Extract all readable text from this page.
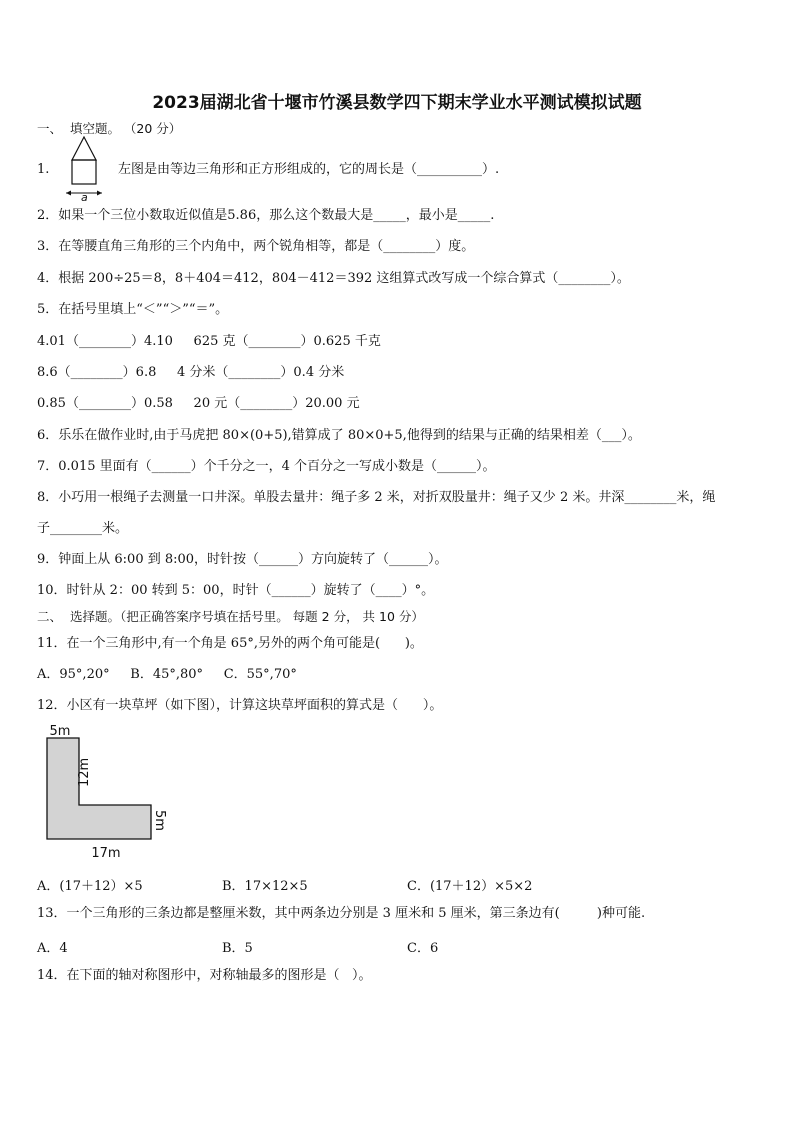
2023届湖北省十堰市竹溪县数学四下期末学业水平测试模拟试题
一、  填空题。 （20 分）
1.
a
左图是由等边三角形和正方形组成的，它的周长是（__________）.
2．如果一个三位小数取近似值是5.86，那么这个数最大是_____，最小是_____.
3．在等腰直角三角形的三个内角中，两个锐角相等，都是（________）度。
4．根据 200÷25＝8，8＋404＝412，804－412＝392 这组算式改写成一个综合算式（________）。
5．在括号里填上“＜”“＞”“＝”。
4.01（________）4.10     625 克（________）0.625 千克
8.6（________）6.8     4 分米（________）0.4 分米
0.85（________）0.58     20 元（________）20.00 元
6．乐乐在做作业时,由于马虎把 80×(0+5),错算成了 80×0+5,他得到的结果与正确的结果相差（___）。
7．0.015 里面有（______）个千分之一，4 个百分之一写成小数是（______）。
8．小巧用一根绳子去测量一口井深。单股去量井：绳子多 2 米，对折双股量井：绳子又少 2 米。井深________米，绳
子________米。
9．钟面上从 6:00 到 8:00，时针按（______）方向旋转了（______）。
10．时针从 2：00 转到 5：00，时针（______）旋转了（____）°。
二、  选择题。（把正确答案序号填在括号里。 每题 2 分， 共 10 分）
11．在一个三角形中,有一个角是 65°,另外的两个角可能是(      )。
A．95°,20°     B．45°,80°     C．55°,70°
12．小区有一块草坪（如下图），计算这块草坪面积的算式是（      ）。
5m
12m
5m
17m
A．(17＋12）×5	B．17×12×5	C．(17＋12）×5×2
13．一个三角形的三条边都是整厘米数，其中两条边分别是 3 厘米和 5 厘米，第三条边有(         )种可能.
A．4	B．5	C．6
14．在下面的轴对称图形中，对称轴最多的图形是（   ）。
